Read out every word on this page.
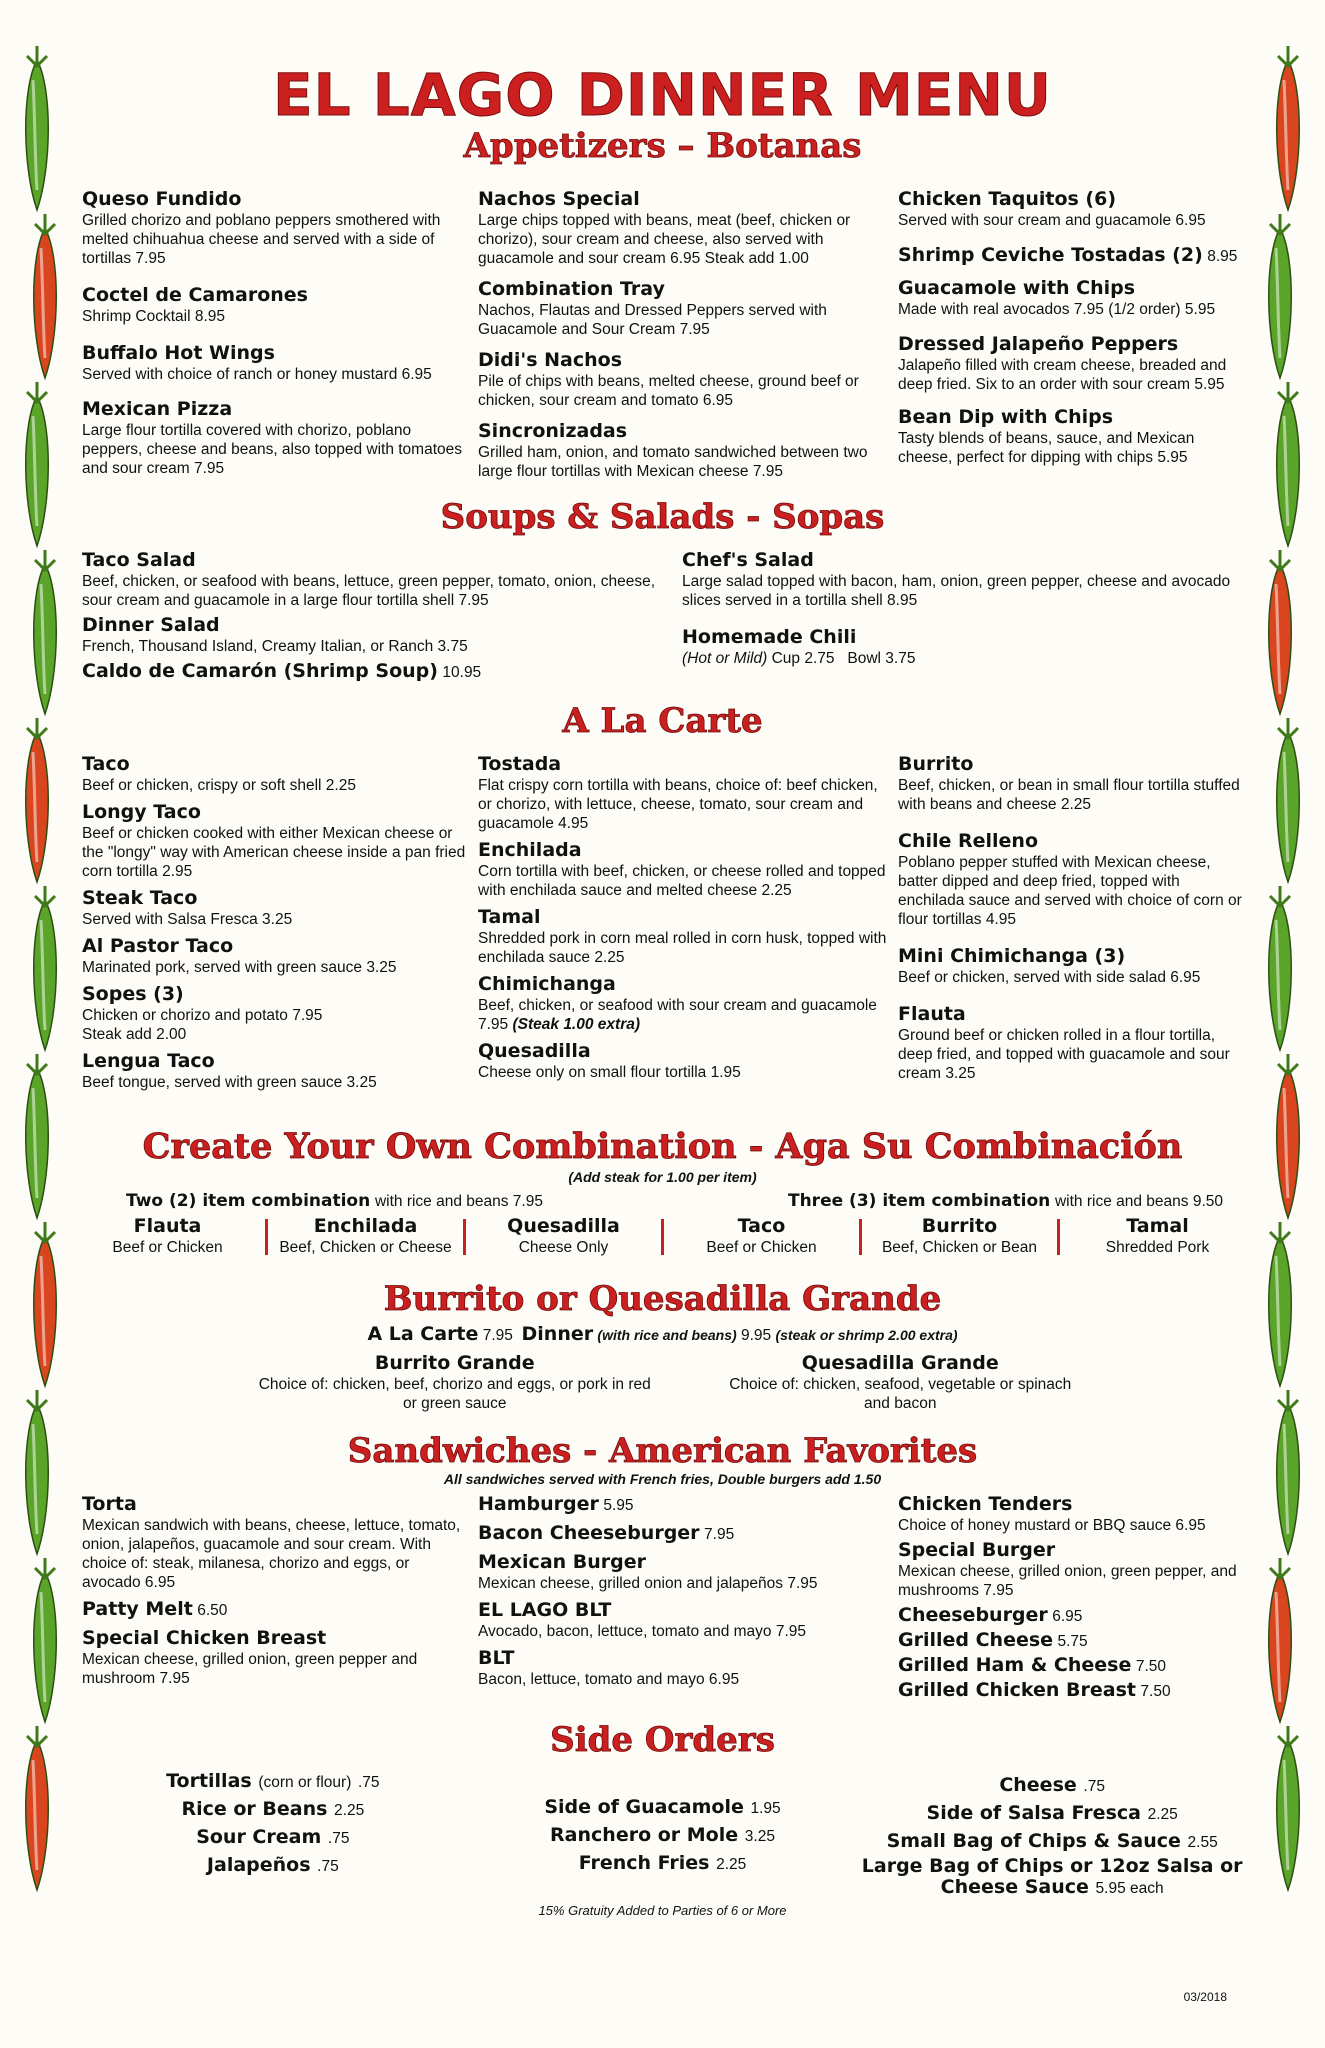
EL LAGO DINNER MENU
Appetizers – Botanas
Queso Fundido
Grilled chorizo and poblano peppers smothered with melted chihuahua cheese and served with a side of tortillas 7.95
Coctel de Camarones
Shrimp Cocktail 8.95
Buffalo Hot Wings
Served with choice of ranch or honey mustard 6.95
Mexican Pizza
Large flour tortilla covered with chorizo, poblano peppers, cheese and beans, also topped with tomatoes and sour cream 7.95
Nachos Special
Large chips topped with beans, meat (beef, chicken or chorizo), sour cream and cheese, also served with guacamole and sour cream 6.95 Steak add 1.00
Combination Tray
Nachos, Flautas and Dressed Peppers served with Guacamole and Sour Cream 7.95
Didi's Nachos
Pile of chips with beans, melted cheese, ground beef or chicken, sour cream and tomato 6.95
Sincronizadas
Grilled ham, onion, and tomato sandwiched between two large flour tortillas with Mexican cheese 7.95
Chicken Taquitos (6)
Served with sour cream and guacamole 6.95
Shrimp Ceviche Tostadas (2) 8.95
Guacamole with Chips
Made with real avocados 7.95 (1/2 order) 5.95
Dressed Jalapeño Peppers
Jalapeño filled with cream cheese, breaded and deep fried. Six to an order with sour cream 5.95
Bean Dip with Chips
Tasty blends of beans, sauce, and Mexican cheese, perfect for dipping with chips 5.95
Soups & Salads - Sopas
Taco Salad
Beef, chicken, or seafood with beans, lettuce, green pepper, tomato, onion, cheese, sour cream and guacamole in a large flour tortilla shell 7.95
Dinner Salad
French, Thousand Island, Creamy Italian, or Ranch 3.75
Caldo de Camarón (Shrimp Soup) 10.95
Chef's Salad
Large salad topped with bacon, ham, onion, green pepper, cheese and avocado slices served in a tortilla shell 8.95
Homemade Chili
(Hot or Mild) Cup 2.75   Bowl 3.75
A La Carte
Taco
Beef or chicken, crispy or soft shell 2.25
Longy Taco
Beef or chicken cooked with either Mexican cheese or the "longy" way with American cheese inside a pan fried corn tortilla 2.95
Steak Taco
Served with Salsa Fresca 3.25
Al Pastor Taco
Marinated pork, served with green sauce 3.25
Sopes (3)
Chicken or chorizo and potato 7.95 Steak add 2.00
Lengua Taco
Beef tongue, served with green sauce 3.25
Tostada
Flat crispy corn tortilla with beans, choice of: beef chicken, or chorizo, with lettuce, cheese, tomato, sour cream and guacamole 4.95
Enchilada
Corn tortilla with beef, chicken, or cheese rolled and topped with enchilada sauce and melted cheese 2.25
Tamal
Shredded pork in corn meal rolled in corn husk, topped with enchilada sauce 2.25
Chimichanga
Beef, chicken, or seafood with sour cream and guacamole 7.95 (Steak 1.00 extra)
Quesadilla
Cheese only on small flour tortilla 1.95
Burrito
Beef, chicken, or bean in small flour tortilla stuffed with beans and cheese 2.25
Chile Relleno
Poblano pepper stuffed with Mexican cheese, batter dipped and deep fried, topped with enchilada sauce and served with choice of corn or flour tortillas 4.95
Mini Chimichanga (3)
Beef or chicken, served with side salad 6.95
Flauta
Ground beef or chicken rolled in a flour tortilla, deep fried, and topped with guacamole and sour cream 3.25
Create Your Own Combination - Aga Su Combinación
(Add steak for 1.00 per item)
Two (2) item combination with rice and beans 7.95	Three (3) item combination with rice and beans 9.50
Flauta
Beef or Chicken
Enchilada
Beef, Chicken or Cheese
Quesadilla
Cheese Only
Taco
Beef or Chicken
Burrito
Beef, Chicken or Bean
Tamal
Shredded Pork
Burrito or Quesadilla Grande
A La Carte 7.95 Dinner (with rice and beans) 9.95 (steak or shrimp 2.00 extra)
Burrito Grande
Choice of: chicken, beef, chorizo and eggs, or pork in red or green sauce
Quesadilla Grande
Choice of: chicken, seafood, vegetable or spinach and bacon
Sandwiches - American Favorites
All sandwiches served with French fries, Double burgers add 1.50
Torta
Mexican sandwich with beans, cheese, lettuce, tomato, onion, jalapeños, guacamole and sour cream. With choice of: steak, milanesa, chorizo and eggs, or avocado 6.95
Patty Melt 6.50
Special Chicken Breast
Mexican cheese, grilled onion, green pepper and mushroom 7.95
Hamburger 5.95
Bacon Cheeseburger 7.95
Mexican Burger
Mexican cheese, grilled onion and jalapeños 7.95
EL LAGO BLT
Avocado, bacon, lettuce, tomato and mayo 7.95
BLT
Bacon, lettuce, tomato and mayo 6.95
Chicken Tenders
Choice of honey mustard or BBQ sauce 6.95
Special Burger
Mexican cheese, grilled onion, green pepper, and mushrooms 7.95
Cheeseburger 6.95
Grilled Cheese 5.75
Grilled Ham & Cheese 7.50
Grilled Chicken Breast 7.50
Side Orders
Tortillas (corn or flour) .75
Rice or Beans 2.25
Sour Cream .75
Jalapeños .75
Side of Guacamole 1.95
Ranchero or Mole 3.25
French Fries 2.25
Cheese .75
Side of Salsa Fresca 2.25
Small Bag of Chips & Sauce 2.55
Large Bag of Chips or 12oz Salsa or Cheese Sauce 5.95 each
15% Gratuity Added to Parties of 6 or More
03/2018
